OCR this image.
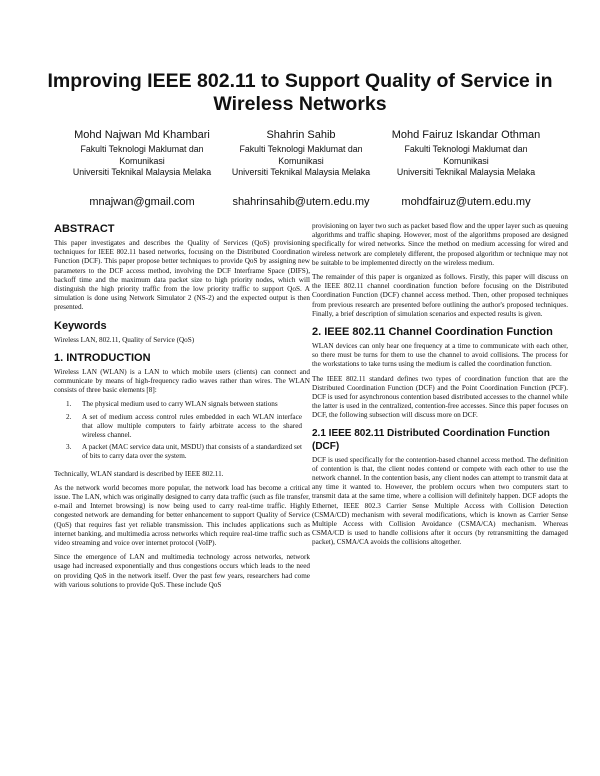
Improving IEEE 802.11 to Support Quality of Service in Wireless Networks
Mohd Najwan Md Khambari
Fakulti Teknologi Maklumat dan
Komunikasi
Universiti Teknikal Malaysia Melaka
mnajwan@gmail.com
Shahrin Sahib
Fakulti Teknologi Maklumat dan
Komunikasi
Universiti Teknikal Malaysia Melaka
shahrinsahib@utem.edu.my
Mohd Fairuz Iskandar Othman
Fakulti Teknologi Maklumat dan
Komunikasi
Universiti Teknikal Malaysia Melaka
mohdfairuz@utem.edu.my
ABSTRACT

This paper investigates and describes the Quality of Services (QoS) provisioning techniques for IEEE 802.11 based networks, focusing on the Distributed Coordination Function (DCF). This paper propose better techniques to provide QoS by assigning new parameters to the DCF access method, involving the DCF Interframe Space (DIFS), backoff time and the maximum data packet size to high priority nodes, which will distinguish the high priority traffic from the low priority traffic to support QoS. A simulation is done using Network Simulator 2 (NS-2) and the expected output is then presented.

Keywords

Wireless LAN, 802.11, Quality of Service (QoS)

1. INTRODUCTION

Wireless LAN (WLAN) is a LAN to which mobile users (clients) can connect and communicate by means of high-frequency radio waves rather than wires. The WLAN consists of three basic elements [8]:

1. The physical medium used to carry WLAN signals between stations
2. A set of medium access control rules embedded in each WLAN interface that allow multiple computers to fairly arbitrate access to the shared wireless channel.
3. A packet (MAC service data unit, MSDU) that consists of a standardized set of bits to carry data over the system.

Technically, WLAN standard is described by IEEE 802.11.

As the network world becomes more popular, the network load has become a critical issue. The LAN, which was originally designed to carry data traffic (such as file transfer, e-mail and Internet browsing) is now being used to carry real-time traffic. Highly congested network are demanding for better enhancement to support Quality of Service (QoS) that requires fast yet reliable transmission. This includes applications such as internet banking, and multimedia across networks which require real-time traffic such as video streaming and voice over internet protocol (VoIP).

Since the emergence of LAN and multimedia technology across networks, network usage had increased exponentially and thus congestions occurs which leads to the need on providing QoS in the network itself. Over the past few years, researchers had come with various solutions to provide QoS. These include QoS

provisioning on layer two such as packet based flow and the upper layer such as queuing algorithms and traffic shaping. However, most of the algorithms proposed are designed specifically for wired networks. Since the method on medium accessing for wired and wireless network are completely different, the proposed algorithm or technique may not be suitable to be implemented directly on the wireless medium.

The remainder of this paper is organized as follows. Firstly, this paper will discuss on the IEEE 802.11 channel coordination function before focusing on the Distributed Coordination Function (DCF) channel access method. Then, other proposed techniques from previous research are presented before outlining the author's proposed techniques. Finally, a brief description of simulation scenarios and expected results is given.

2. IEEE 802.11 Channel Coordination Function

WLAN devices can only hear one frequency at a time to communicate with each other, so there must be turns for them to use the channel to avoid collisions. The process for the workstations to take turns using the medium is called the coordination function.

The IEEE 802.11 standard defines two types of coordination function that are the Distributed Coordination Function (DCF) and the Point Coordination Function (PCF). DCF is used for asynchronous contention based distributed accesses to the channel while the latter is used in the centralized, contention-free accesses. Since this paper focuses on DCF, the following subsection will discuss more on DCF.

2.1 IEEE 802.11 Distributed Coordination Function (DCF)

DCF is used specifically for the contention-based channel access method. The definition of contention is that, the client nodes contend or compete with each other to use the network channel. In the contention basis, any client nodes can attempt to transmit data at any time it wanted to. However, the problem occurs when two computers start to transmit data at the same time, where a collision will definitely happen. DCF adopts the Ethernet, IEEE 802.3 Carrier Sense Multiple Access with Collision Detection (CSMA/CD) mechanism with several modifications, which is known as Carrier Sense Multiple Access with Collision Avoidance (CSMA/CA) mechanism. Whereas CSMA/CD is used to handle collisions after it occurs (by retransmitting the damaged packet), CSMA/CA avoids the collisions altogether.
